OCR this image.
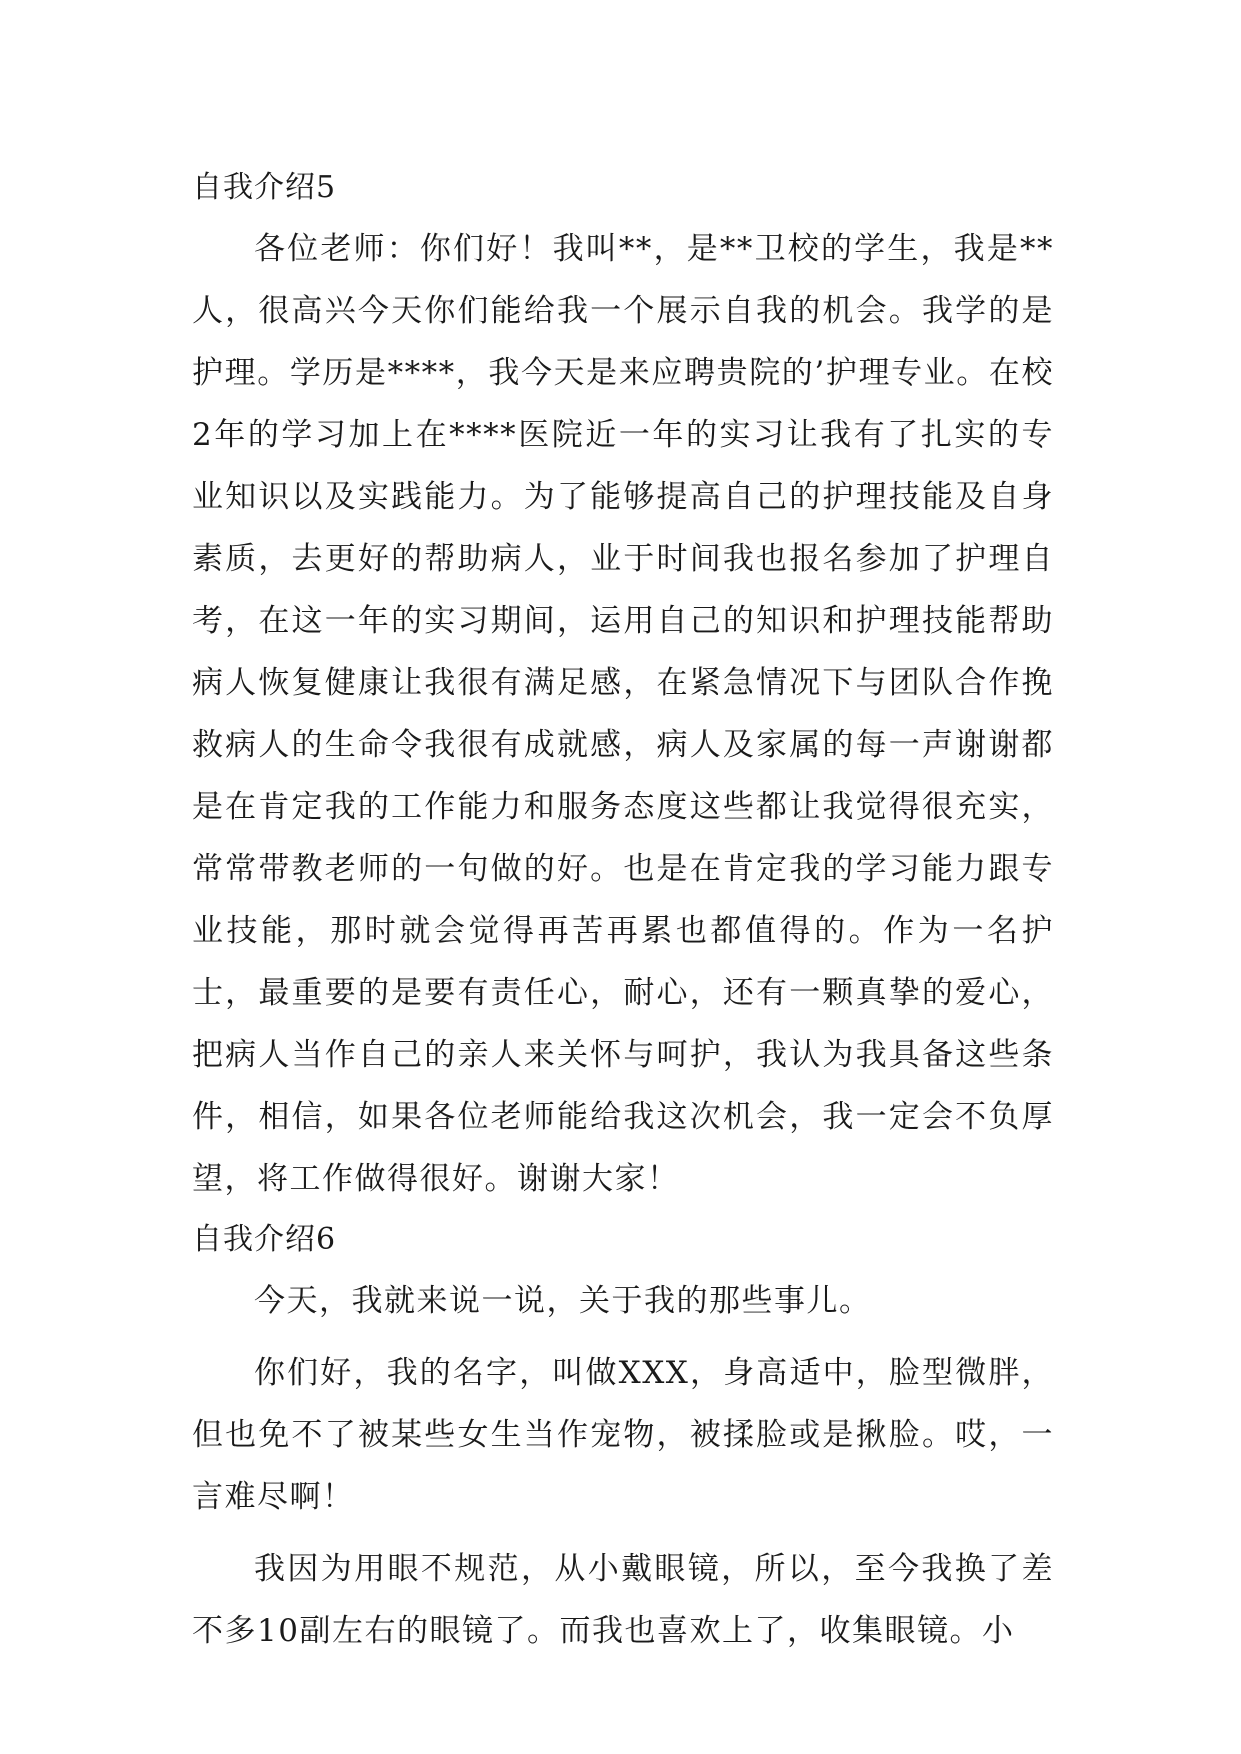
自我介绍5

各位老师：你们好！我叫**，是**卫校的学生，我是**人，很高兴今天你们能给我一个展示自我的机会。我学的是护理。学历是****，我今天是来应聘贵院的’护理专业。在校2年的学习加上在****医院近一年的实习让我有了扎实的专业知识以及实践能力。为了能够提高自己的护理技能及自身素质，去更好的帮助病人，业于时间我也报名参加了护理自考，在这一年的实习期间，运用自己的知识和护理技能帮助病人恢复健康让我很有满足感，在紧急情况下与团队合作挽救病人的生命令我很有成就感，病人及家属的每一声谢谢都是在肯定我的工作能力和服务态度这些都让我觉得很充实，常常带教老师的一句做的好。也是在肯定我的学习能力跟专业技能，那时就会觉得再苦再累也都值得的。作为一名护士，最重要的是要有责任心，耐心，还有一颗真挚的爱心，把病人当作自己的亲人来关怀与呵护，我认为我具备这些条件，相信，如果各位老师能给我这次机会，我一定会不负厚望，将工作做得很好。谢谢大家！

自我介绍6

今天，我就来说一说，关于我的那些事儿。

你们好，我的名字，叫做XXX，身高适中，脸型微胖，但也免不了被某些女生当作宠物，被揉脸或是揪脸。哎，一言难尽啊！

我因为用眼不规范，从小戴眼镜，所以，至今我换了差不多10副左右的眼镜了。而我也喜欢上了，收集眼镜。小
